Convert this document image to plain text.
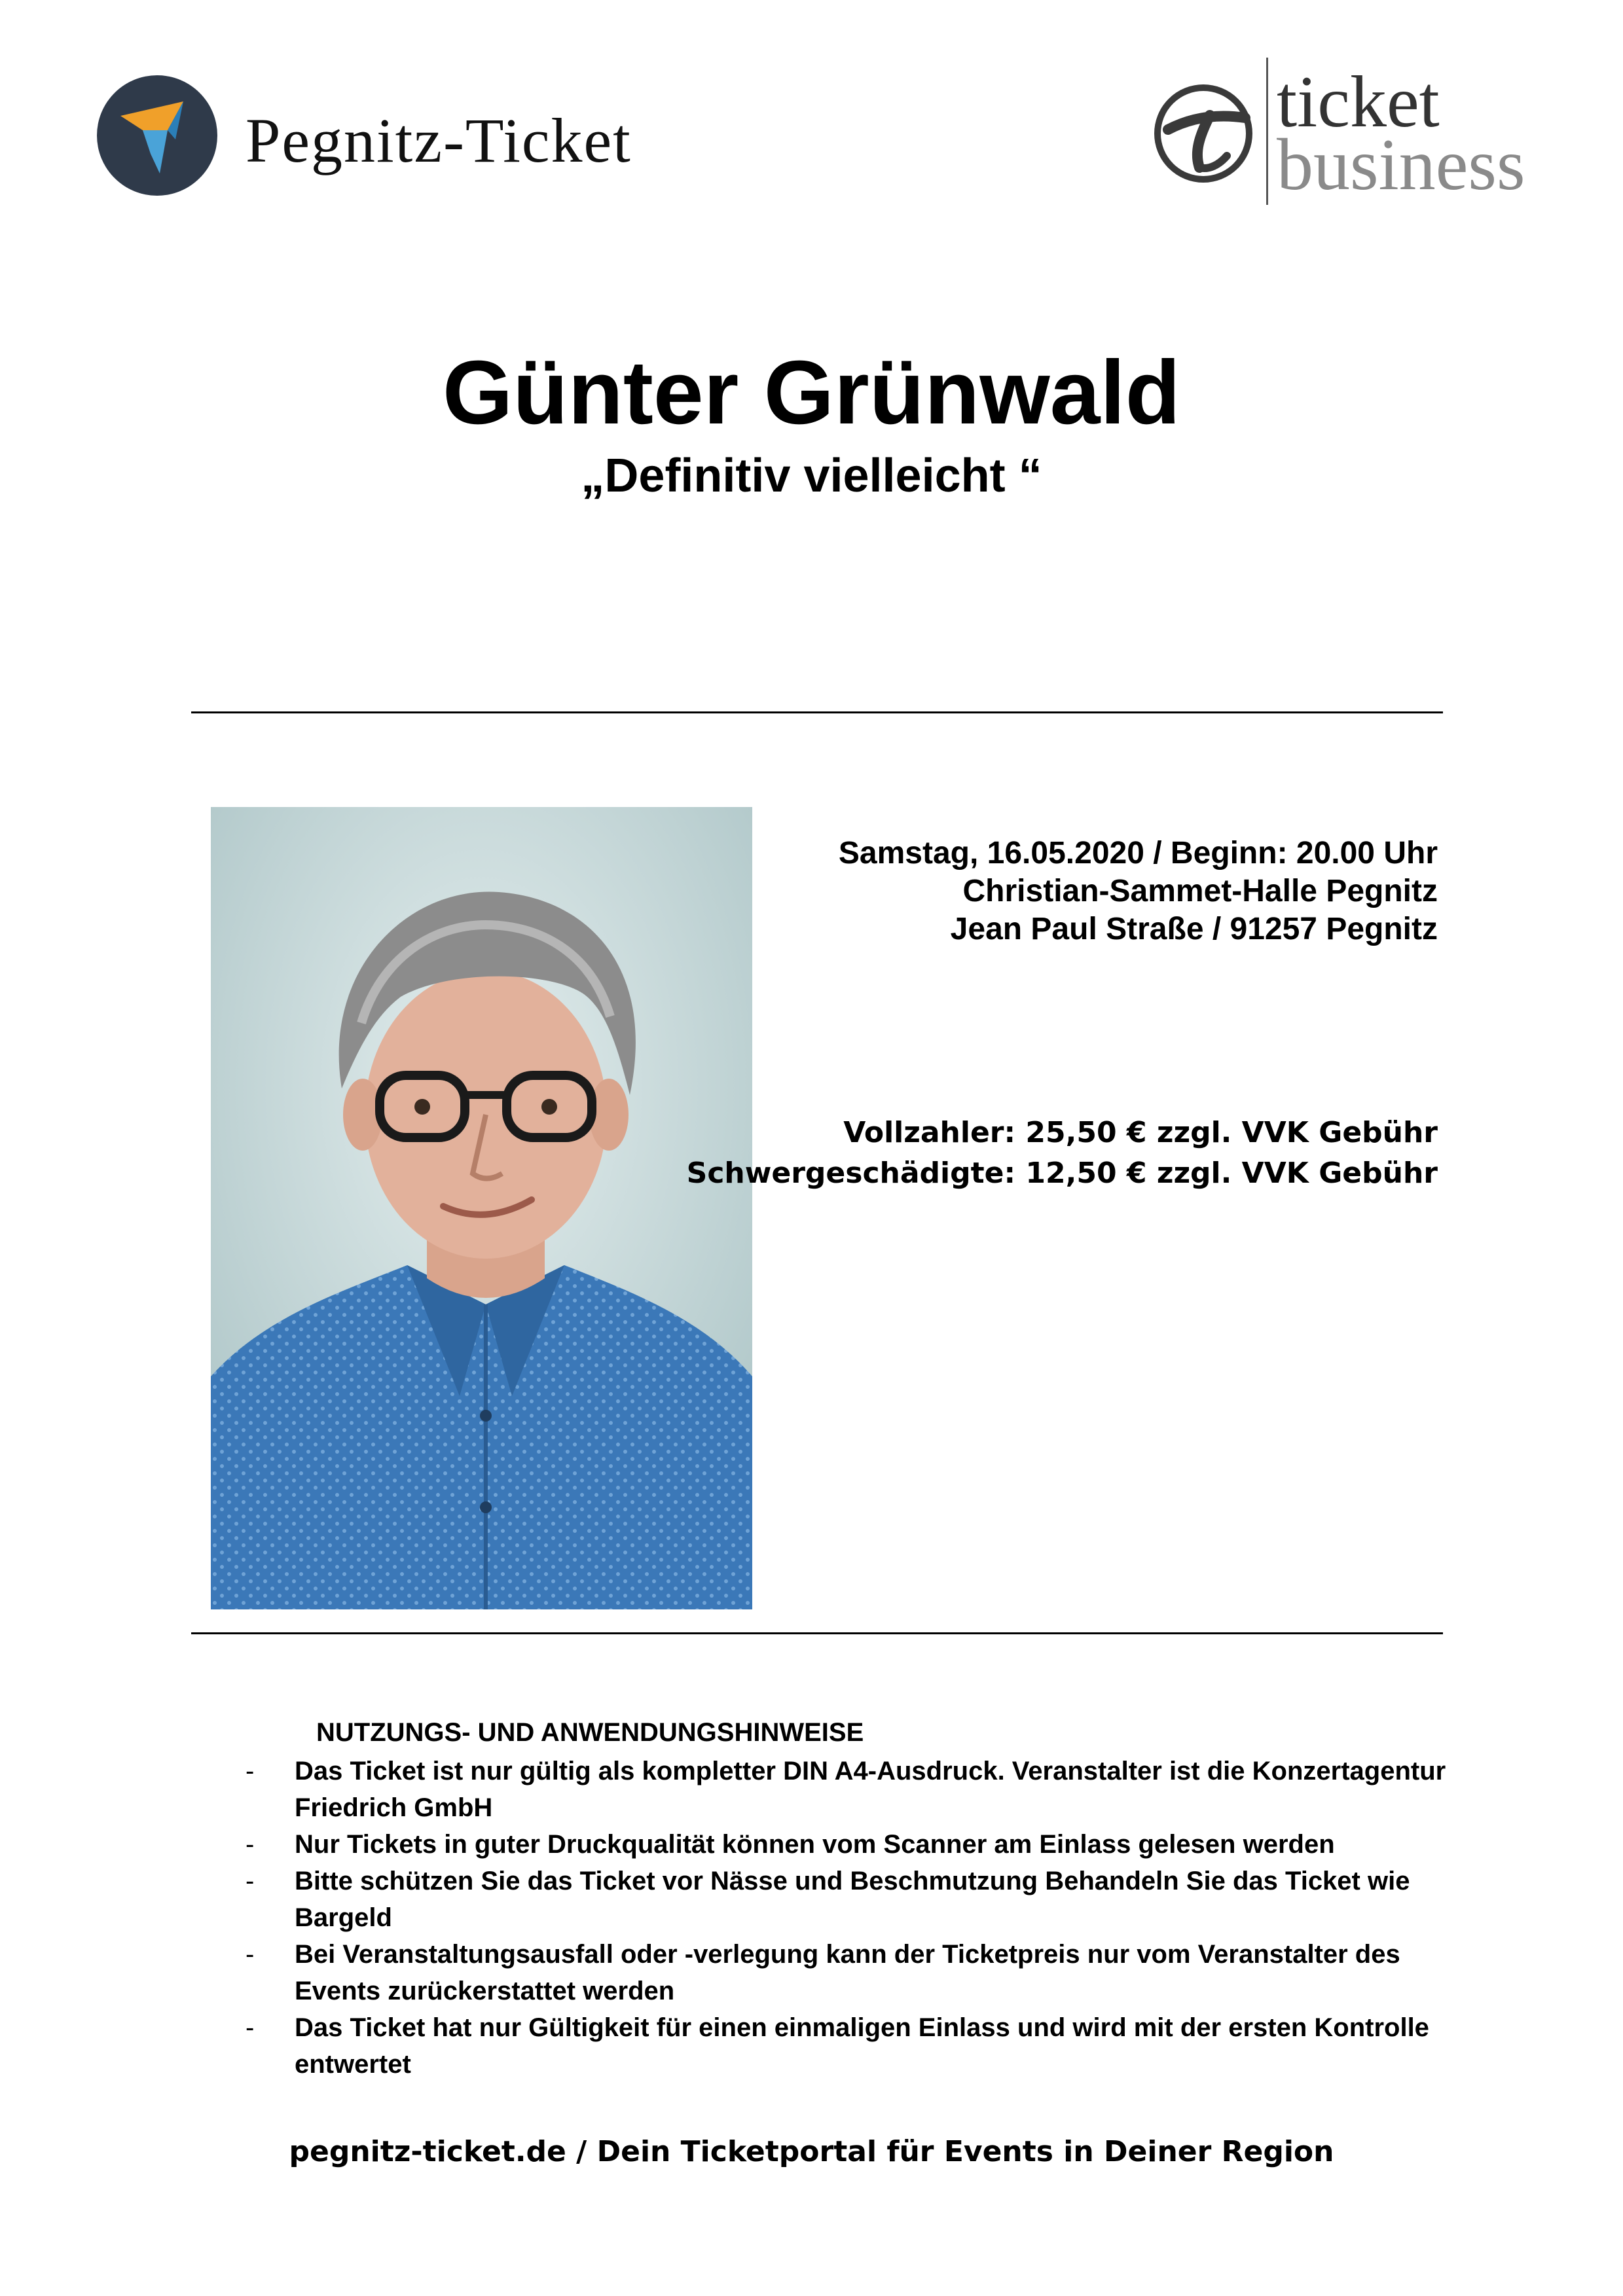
Pegnitz-Ticket	ticket
business
Günter Grünwald
„Definitiv vielleicht “
Samstag, 16.05.2020 / Beginn: 20.00 Uhr
Christian-Sammet-Halle Pegnitz
Jean Paul Straße / 91257 Pegnitz
Vollzahler: 25,50 € zzgl. VVK Gebühr
Schwergeschädigte: 12,50 € zzgl. VVK Gebühr
NUTZUNGS- UND ANWENDUNGSHINWEISE
- Das Ticket ist nur gültig als kompletter DIN A4-Ausdruck. Veranstalter ist die Konzertagentur Friedrich GmbH
- Nur Tickets in guter Druckqualität können vom Scanner am Einlass gelesen werden
- Bitte schützen Sie das Ticket vor Nässe und Beschmutzung Behandeln Sie das Ticket wie Bargeld
- Bei Veranstaltungsausfall oder -verlegung kann der Ticketpreis nur vom Veranstalter des Events zurückerstattet werden
- Das Ticket hat nur Gültigkeit für einen einmaligen Einlass und wird mit der ersten Kontrolle entwertet
pegnitz-ticket.de / Dein Ticketportal für Events in Deiner Region
